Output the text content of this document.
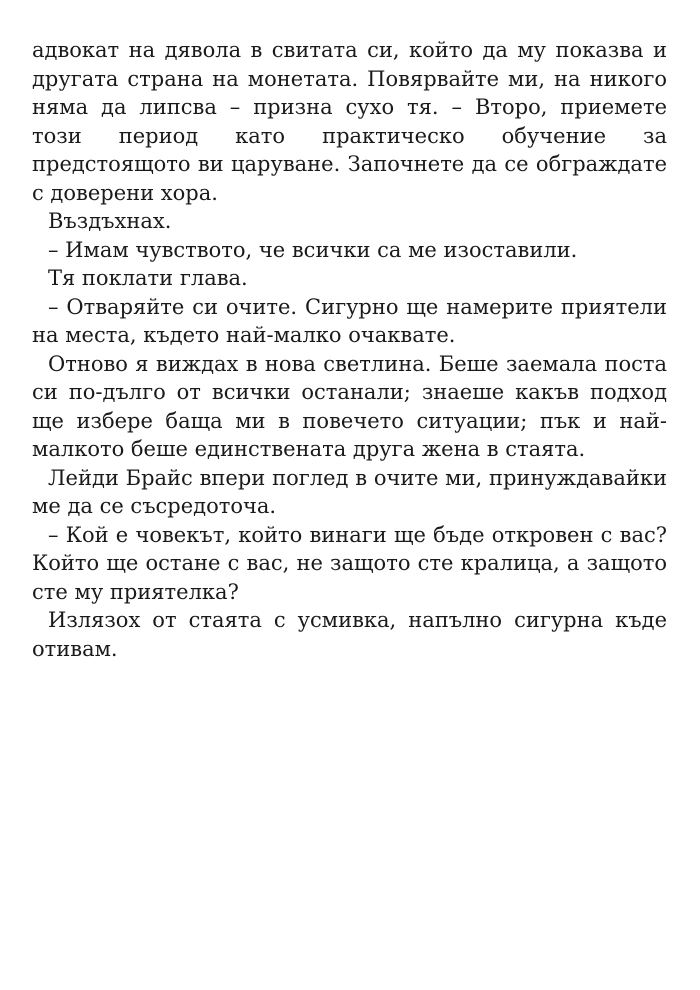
адвокат на дявола в свитата си, който да му показва и другата страна на монетата. Повярвайте ми, на никого няма да липсва – призна сухо тя. – Второ, приемете този период като практическо обучение за предстоящото ви царуване. Започнете да се обграждате с доверени хора.

Въздъхнах.

– Имам чувството, че всички са ме изоставили.

Тя поклати глава.

– Отваряйте си очите. Сигурно ще намерите приятели на места, където най-малко очаквате.

Отново я виждах в нова светлина. Беше заемала поста си по-дълго от всички останали; знаеше какъв подход ще избере баща ми в повечето ситуации; пък и най-малкото беше единствената друга жена в стаята.

Лейди Брайс впери поглед в очите ми, принуждавайки ме да се съсредоточа.

– Кой е човекът, който винаги ще бъде откровен с вас? Който ще остане с вас, не защото сте кралица, а защото сте му приятелка?

Излязох от стаята с усмивка, напълно сигурна къде отивам.
